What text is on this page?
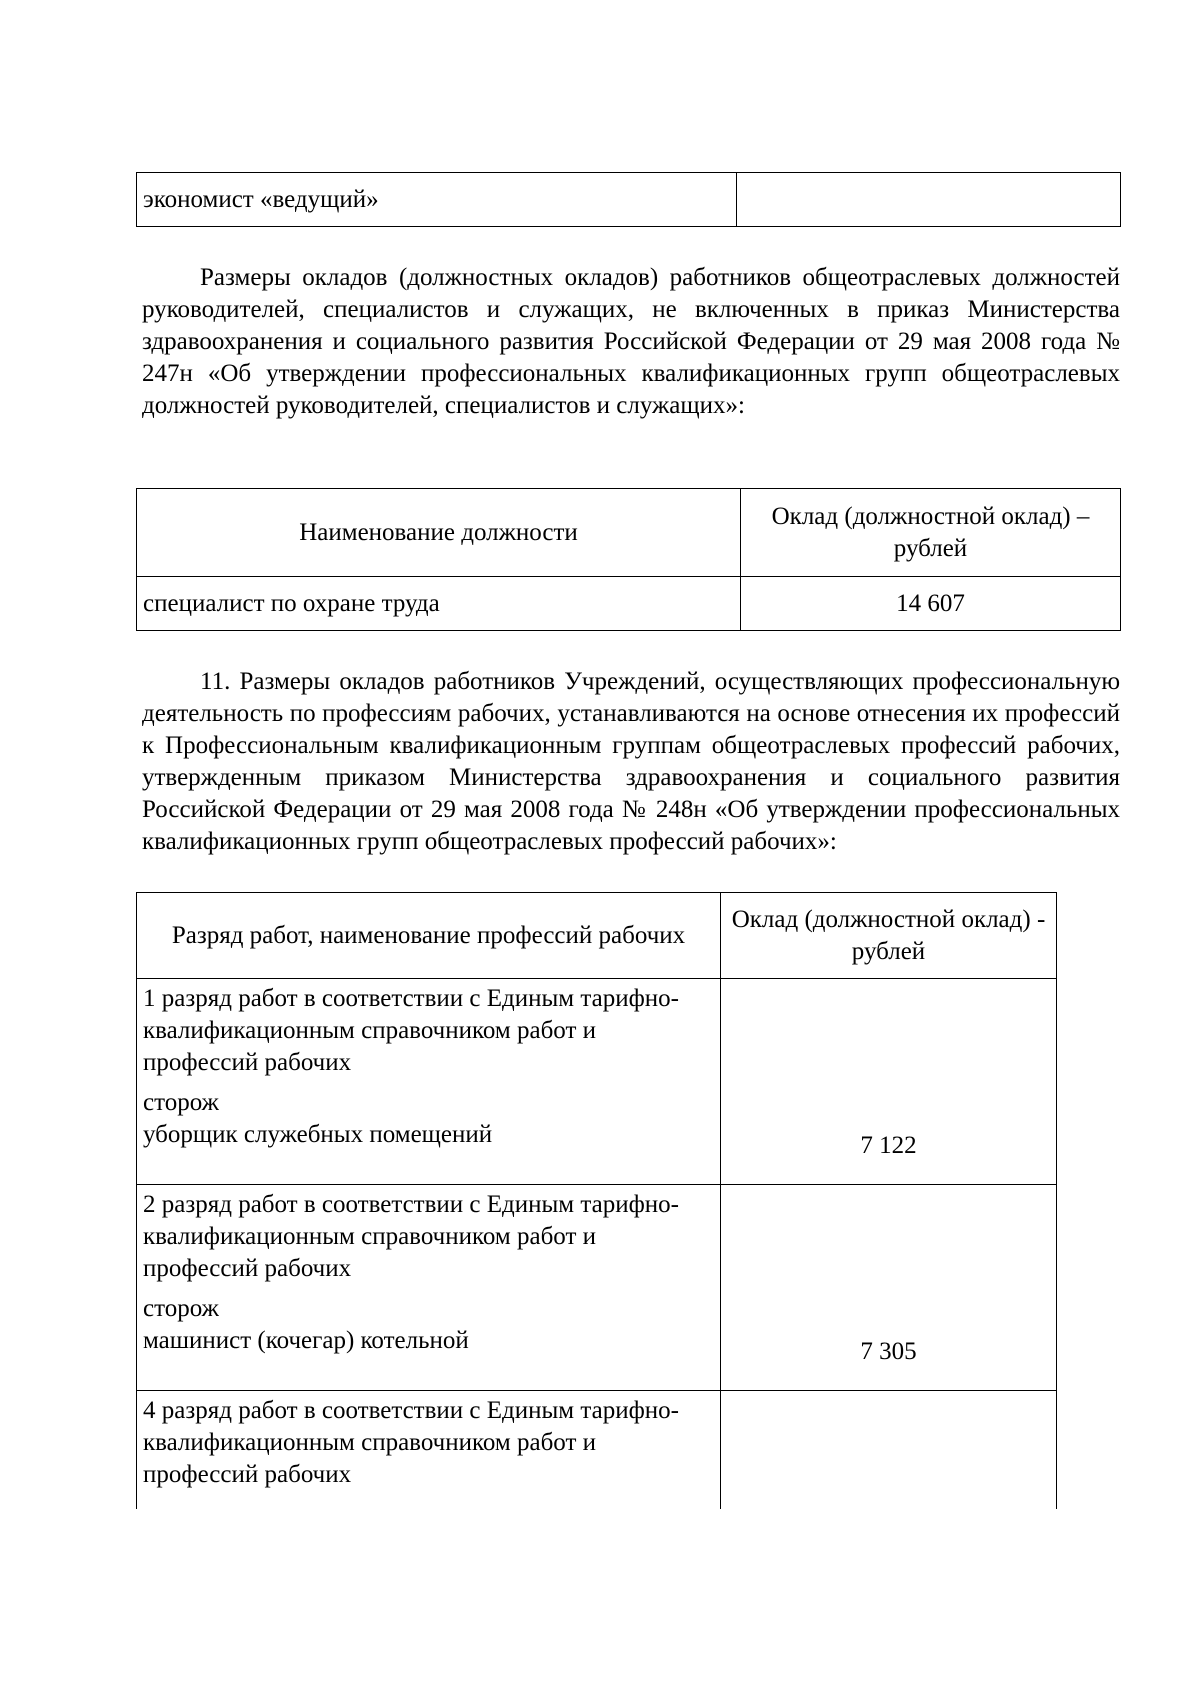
экономист «ведущий»	

Размеры окладов (должностных окладов) работников общеотраслевых должностей руководителей, специалистов и служащих, не включенных в приказ Министерства здравоохранения и социального развития Российской Федерации от 29 мая 2008 года № 247н «Об утверждении профессиональных квалификационных групп общеотраслевых должностей руководителей, специалистов и служащих»:

Наименование должности	Оклад (должностной оклад) – рублей
специалист по охране труда	14 607

11. Размеры окладов работников Учреждений, осуществляющих профессиональную деятельность по профессиям рабочих, устанавливаются на основе отнесения их профессий к Профессиональным квалификационным группам общеотраслевых профессий рабочих, утвержденным приказом Министерства здравоохранения и социального развития Российской Федерации от 29 мая 2008 года № 248н «Об утверждении профессиональных квалификационных групп общеотраслевых профессий рабочих»:

Разряд работ, наименование профессий рабочих	Оклад (должностной оклад) - рублей

1 разряд работ в соответствии с Единым тарифно-квалификационным справочником работ и профессий рабочих
сторож
уборщик служебных помещений	7 122

2 разряд работ в соответствии с Единым тарифно-квалификационным справочником работ и профессий рабочих
сторож
машинист (кочегар) котельной	7 305

4 разряд работ в соответствии с Единым тарифно-квалификационным справочником работ и профессий рабочих	
